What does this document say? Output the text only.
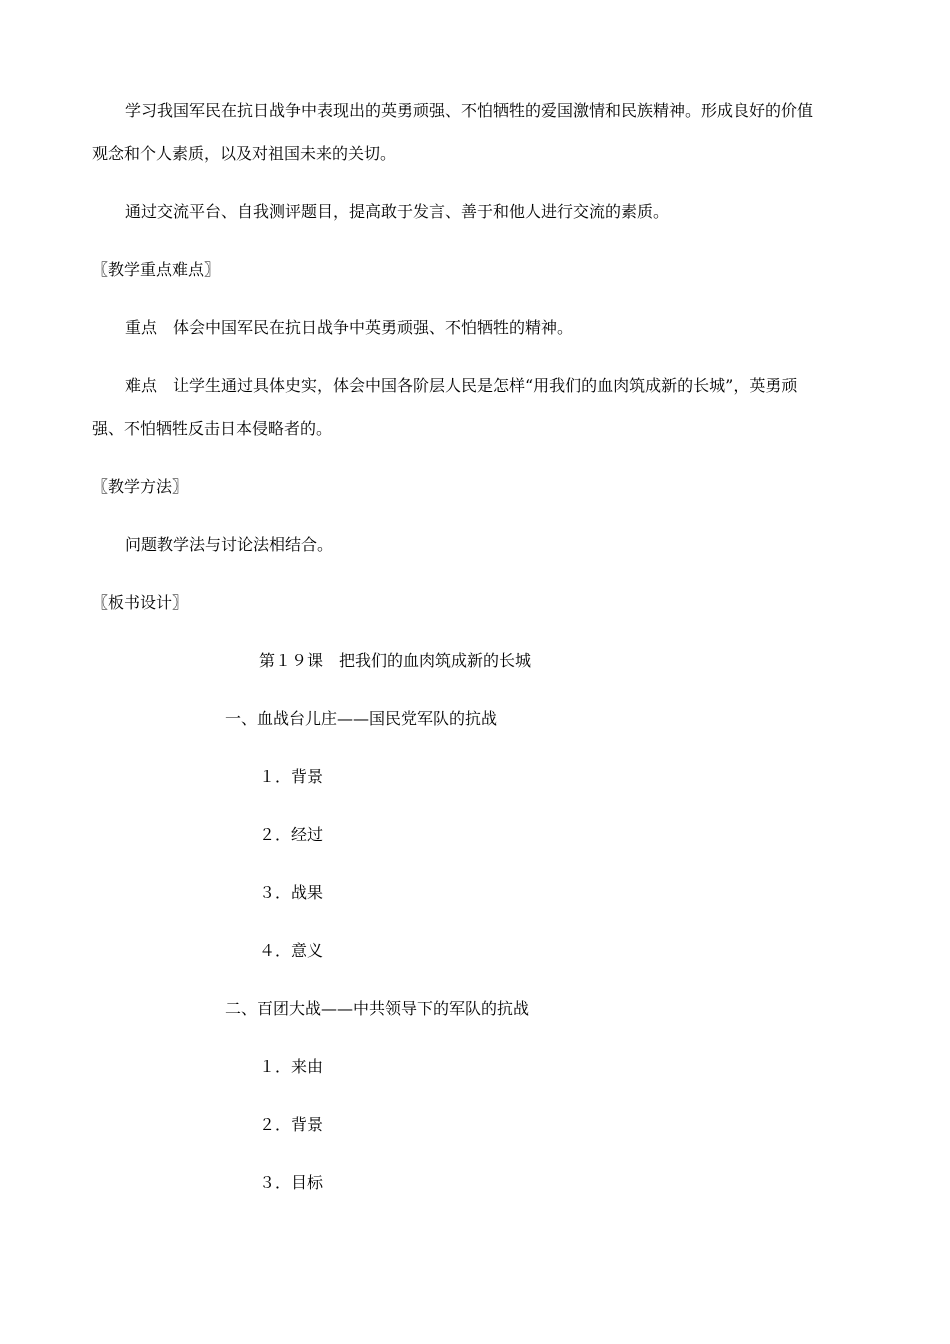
学习我国军民在抗日战争中表现出的英勇顽强、不怕牺牲的爱国激情和民族精神。形成良好的价值
观念和个人素质，以及对祖国未来的关切。
通过交流平台、自我测评题目，提高敢于发言、善于和他人进行交流的素质。
〖教学重点难点〗
重点　体会中国军民在抗日战争中英勇顽强、不怕牺牲的精神。
难点　让学生通过具体史实，体会中国各阶层人民是怎样“用我们的血肉筑成新的长城”，英勇顽
强、不怕牺牲反击日本侵略者的。
〖教学方法〗
问题教学法与讨论法相结合。
〖板书设计〗
第１９课　把我们的血肉筑成新的长城
一、血战台儿庄——国民党军队的抗战
１．背景
２．经过
３．战果
４．意义
二、百团大战——中共领导下的军队的抗战
１．来由
２．背景
３．目标
